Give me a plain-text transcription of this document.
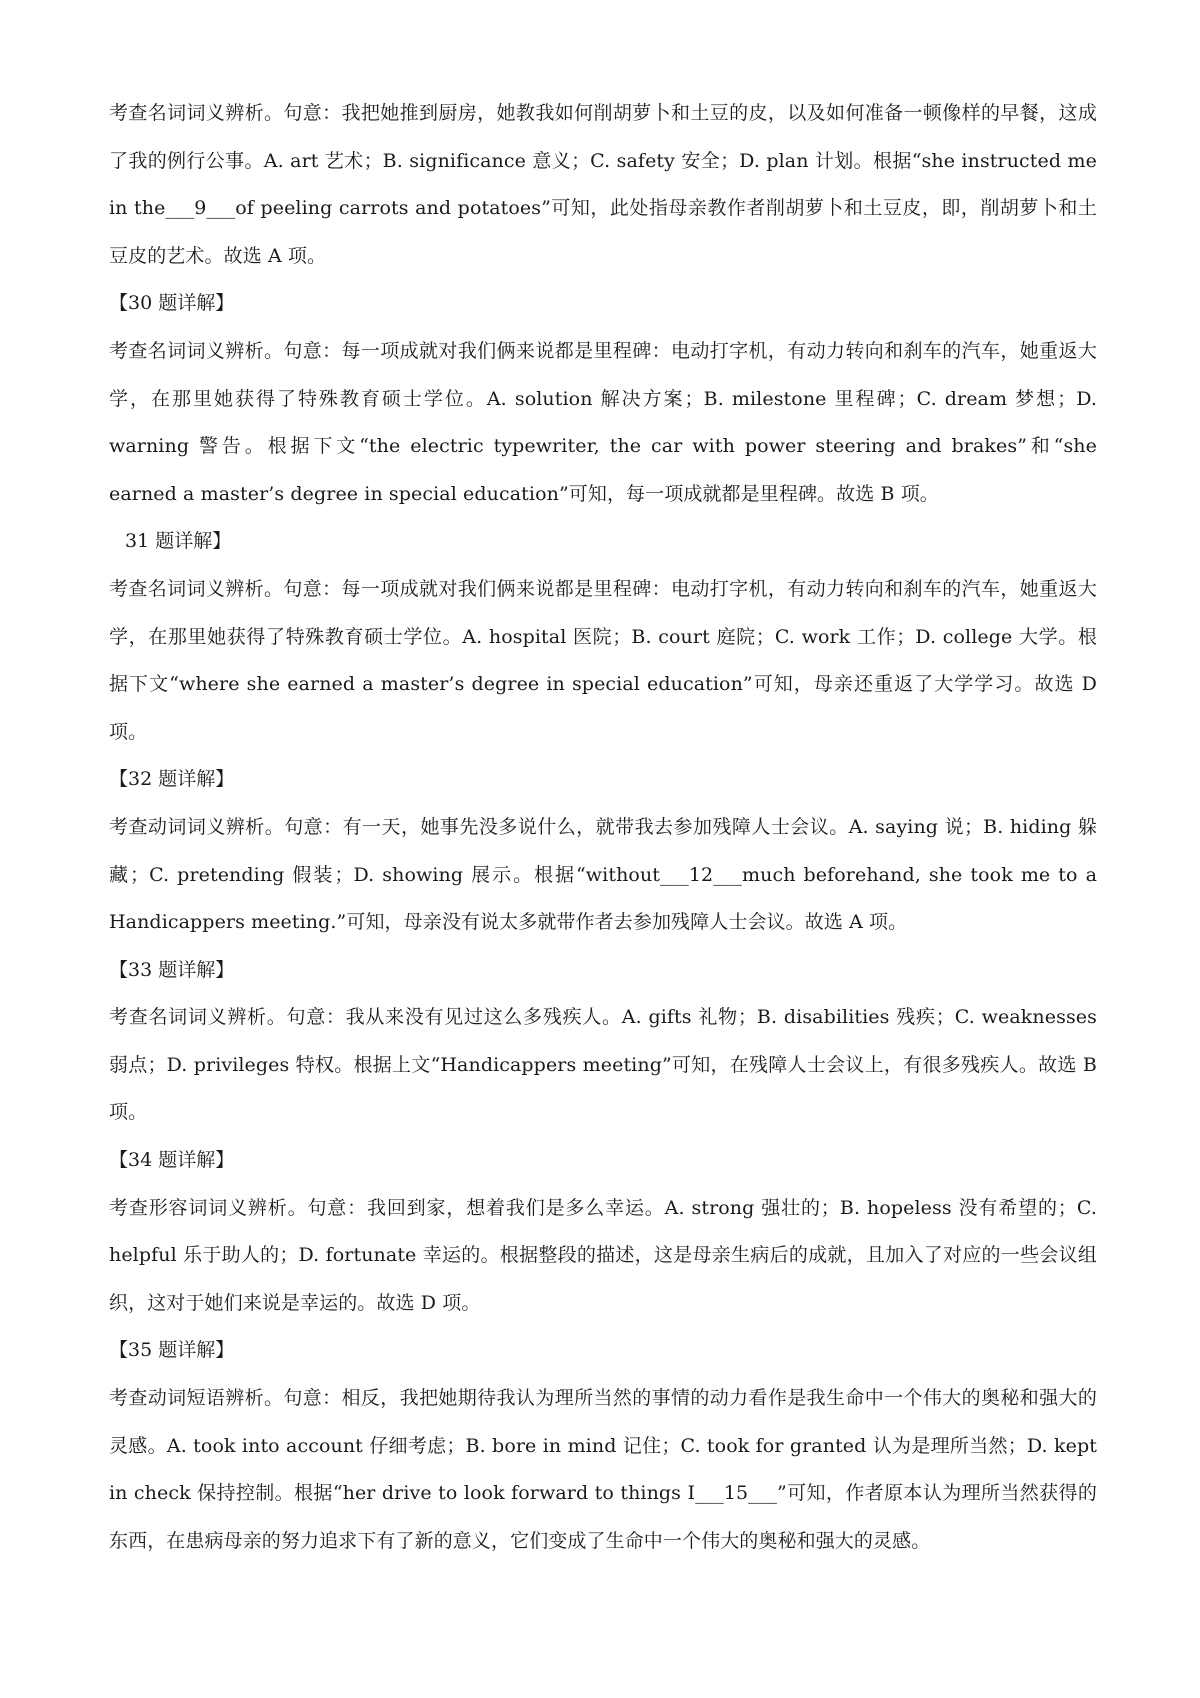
考查名词词义辨析。句意：我把她推到厨房，她教我如何削胡萝卜和土豆的皮，以及如何准备一顿像样的早餐，这成了我的例行公事。A. art 艺术；B. significance 意义；C. safety 安全；D. plan 计划。根据“she instructed me in the___9___of peeling carrots and potatoes”可知，此处指母亲教作者削胡萝卜和土豆皮，即，削胡萝卜和土豆皮的艺术。故选 A 项。

【30 题详解】

考查名词词义辨析。句意：每一项成就对我们俩来说都是里程碑：电动打字机，有动力转向和刹车的汽车，她重返大学，在那里她获得了特殊教育硕士学位。A. solution 解决方案；B. milestone 里程碑；C. dream 梦想；D. warning 警告。根据下文“the electric typewriter, the car with power steering and brakes”和“she earned a master’s degree in special education”可知，每一项成就都是里程碑。故选 B 项。

31 题详解】

考查名词词义辨析。句意：每一项成就对我们俩来说都是里程碑：电动打字机，有动力转向和刹车的汽车，她重返大学，在那里她获得了特殊教育硕士学位。A. hospital 医院；B. court 庭院；C. work 工作；D. college 大学。根据下文“where she earned a master’s degree in special education”可知，母亲还重返了大学学习。故选 D 项。

【32 题详解】

考查动词词义辨析。句意：有一天，她事先没多说什么，就带我去参加残障人士会议。A. saying 说；B. hiding 躲藏；C. pretending 假装；D. showing 展示。根据“without___12___much beforehand, she took me to a Handicappers meeting.”可知，母亲没有说太多就带作者去参加残障人士会议。故选 A 项。

【33 题详解】

考查名词词义辨析。句意：我从来没有见过这么多残疾人。A. gifts 礼物；B. disabilities 残疾；C. weaknesses 弱点；D. privileges 特权。根据上文“Handicappers meeting”可知，在残障人士会议上，有很多残疾人。故选 B 项。

【34 题详解】

考查形容词词义辨析。句意：我回到家，想着我们是多么幸运。A. strong 强壮的；B. hopeless 没有希望的；C. helpful 乐于助人的；D. fortunate 幸运的。根据整段的描述，这是母亲生病后的成就，且加入了对应的一些会议组织，这对于她们来说是幸运的。故选 D 项。

【35 题详解】

考查动词短语辨析。句意：相反，我把她期待我认为理所当然的事情的动力看作是我生命中一个伟大的奥秘和强大的灵感。A. took into account 仔细考虑；B. bore in mind 记住；C. took for granted 认为是理所当然；D. kept in check 保持控制。根据“her drive to look forward to things I___15___”可知，作者原本认为理所当然获得的东西，在患病母亲的努力追求下有了新的意义，它们变成了生命中一个伟大的奥秘和强大的灵感。
